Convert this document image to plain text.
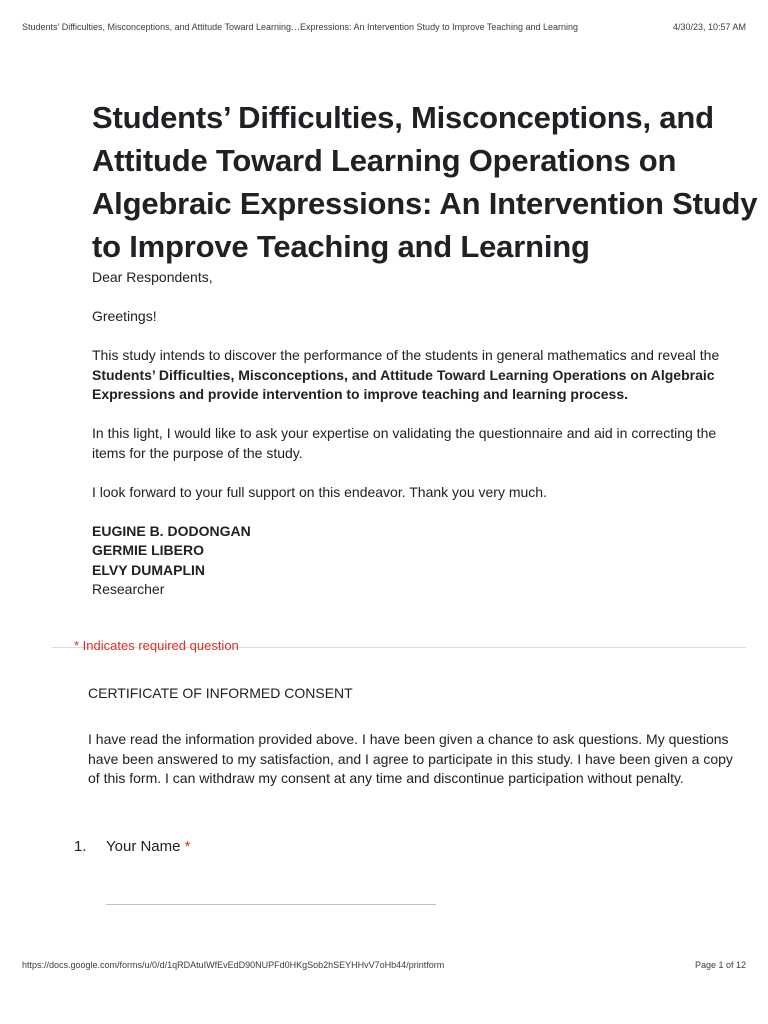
Students’ Difficulties, Misconceptions, and Attitude Toward Learning…Expressions: An Intervention Study to Improve Teaching and Learning	4/30/23, 10:57 AM
Students’ Difficulties, Misconceptions, and Attitude Toward Learning Operations on Algebraic Expressions: An Intervention Study to Improve Teaching and Learning

Dear Respondents,

Greetings!

This study intends to discover the performance of the students in general mathematics and reveal the Students’ Difficulties, Misconceptions, and Attitude Toward Learning Operations on Algebraic Expressions and provide intervention to improve teaching and learning process.

In this light, I would like to ask your expertise on validating the questionnaire and aid in correcting the items for the purpose of the study.

I look forward to your full support on this endeavor. Thank you very much.

EUGINE B. DODONGAN

GERMIE LIBERO

ELVY DUMAPLIN

Researcher

* Indicates required question
CERTIFICATE OF INFORMED CONSENT
I have read the information provided above. I have been given a chance to ask questions. My questions have been answered to my satisfaction, and I agree to participate in this study. I have been given a copy of this form. I can withdraw my consent at any time and discontinue participation without penalty.
1. Your Name *
https://docs.google.com/forms/u/0/d/1qRDAtuIWfEvEdD90NUPFd0HKgSob2hSEYHHvV7oHb44/printform	Page 1 of 12
